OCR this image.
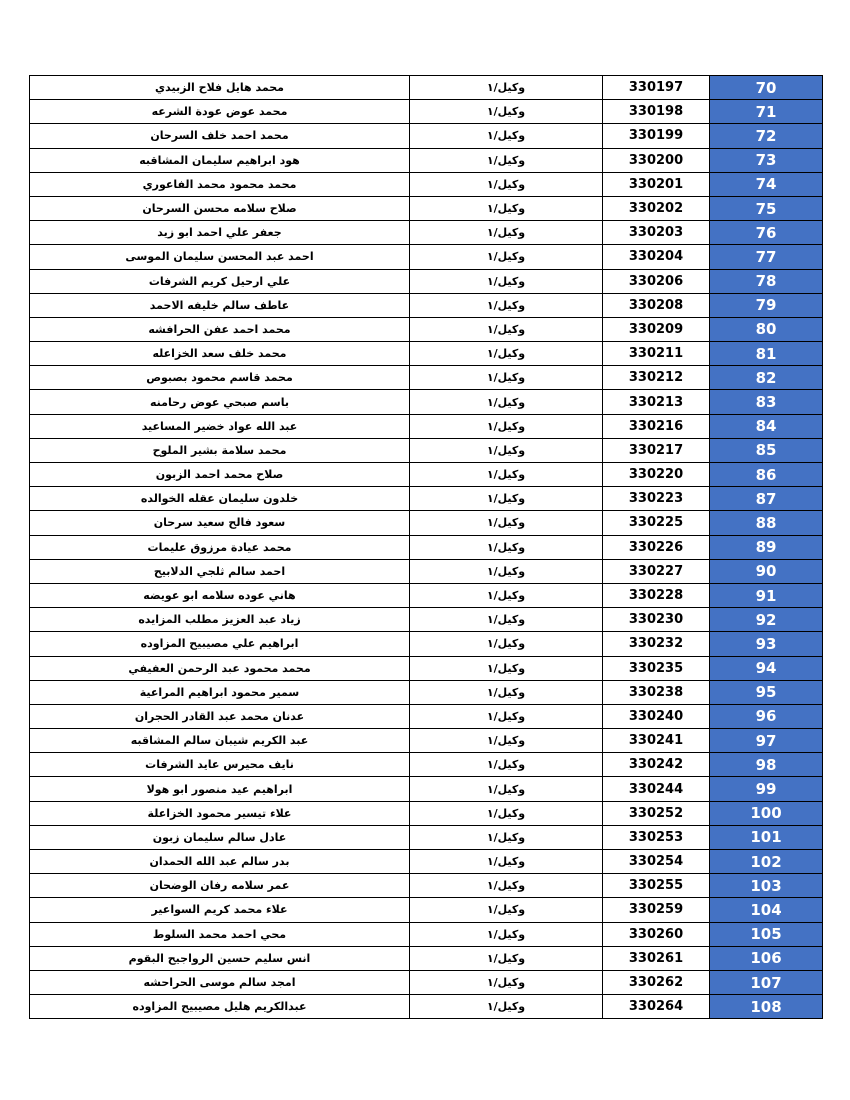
محمد هايل فلاح الزبيدي	وكيل/١	330197	70
محمد عوض عودة الشرعه	وكيل/١	330198	71
محمد احمد خلف السرحان	وكيل/١	330199	72
هود ابراهيم سليمان المشاقبه	وكيل/١	330200	73
محمد محمود محمد الفاعوري	وكيل/١	330201	74
صلاح سلامه محسن السرحان	وكيل/١	330202	75
جعفر علي احمد ابو زيد	وكيل/١	330203	76
احمد عبد المحسن سليمان الموسى	وكيل/١	330204	77
علي ارحيل كريم الشرفات	وكيل/١	330206	78
عاطف سالم خليفه الاحمد	وكيل/١	330208	79
محمد احمد عفن الحرافشه	وكيل/١	330209	80
محمد خلف سعد الخزاعله	وكيل/١	330211	81
محمد قاسم محمود بصبوص	وكيل/١	330212	82
باسم صبحي عوض رحامنه	وكيل/١	330213	83
عبد الله عواد خضير المساعيد	وكيل/١	330216	84
محمد سلامة بشير الملوح	وكيل/١	330217	85
صلاح محمد احمد الزبون	وكيل/١	330220	86
خلدون سليمان عقله الخوالده	وكيل/١	330223	87
سعود فالح سعيد سرحان	وكيل/١	330225	88
محمد عيادة مرزوق عليمات	وكيل/١	330226	89
احمد سالم ثلجي الدلابيح	وكيل/١	330227	90
هاني عوده سلامه ابو عويضه	وكيل/١	330228	91
زياد عبد العزيز مطلب المزايده	وكيل/١	330230	92
ابراهيم علي مصيبيح المزاوده	وكيل/١	330232	93
محمد محمود عبد الرحمن العفيفي	وكيل/١	330235	94
سمير محمود ابراهيم المراعية	وكيل/١	330238	95
عدنان محمد عبد القادر الحجران	وكيل/١	330240	96
عبد الكريم شيبان سالم المشاقبه	وكيل/١	330241	97
نايف محيرس عايد الشرفات	وكيل/١	330242	98
ابراهيم عيد منصور ابو هولا	وكيل/١	330244	99
علاء تيسير محمود الخزاعلة	وكيل/١	330252	100
عادل سالم سليمان زبون	وكيل/١	330253	101
بدر سالم عبد الله الحمدان	وكيل/١	330254	102
عمر سلامه رفان الوضحان	وكيل/١	330255	103
علاء محمد كريم السواعير	وكيل/١	330259	104
محي احمد محمد السلوط	وكيل/١	330260	105
انس سليم حسين الرواجيح البقوم	وكيل/١	330261	106
امجد سالم موسى الحراحشه	وكيل/١	330262	107
عبدالكريم هليل مصيبيح المزاوده	وكيل/١	330264	108
